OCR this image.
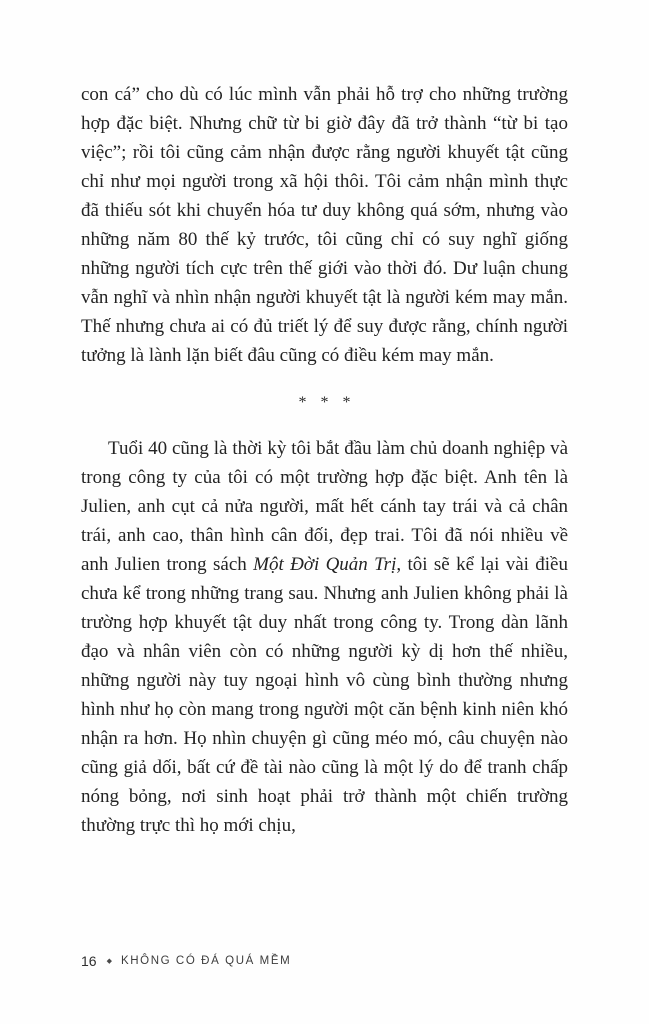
con cá” cho dù có lúc mình vẫn phải hỗ trợ cho những trường hợp đặc biệt. Nhưng chữ từ bi giờ đây đã trở thành “từ bi tạo việc”; rồi tôi cũng cảm nhận được rằng người khuyết tật cũng chỉ như mọi người trong xã hội thôi. Tôi cảm nhận mình thực đã thiếu sót khi chuyển hóa tư duy không quá sớm, nhưng vào những năm 80 thế kỷ trước, tôi cũng chỉ có suy nghĩ giống những người tích cực trên thế giới vào thời đó. Dư luận chung vẫn nghĩ và nhìn nhận người khuyết tật là người kém may mắn. Thế nhưng chưa ai có đủ triết lý để suy được rằng, chính người tưởng là lành lặn biết đâu cũng có điều kém may mắn.

* * *

Tuổi 40 cũng là thời kỳ tôi bắt đầu làm chủ doanh nghiệp và trong công ty của tôi có một trường hợp đặc biệt. Anh tên là Julien, anh cụt cả nửa người, mất hết cánh tay trái và cả chân trái, anh cao, thân hình cân đối, đẹp trai. Tôi đã nói nhiều về anh Julien trong sách Một Đời Quản Trị, tôi sẽ kể lại vài điều chưa kể trong những trang sau. Nhưng anh Julien không phải là trường hợp khuyết tật duy nhất trong công ty. Trong dàn lãnh đạo và nhân viên còn có những người kỳ dị hơn thế nhiều, những người này tuy ngoại hình vô cùng bình thường nhưng hình như họ còn mang trong người một căn bệnh kinh niên khó nhận ra hơn. Họ nhìn chuyện gì cũng méo mó, câu chuyện nào cũng giả dối, bất cứ đề tài nào cũng là một lý do để tranh chấp nóng bỏng, nơi sinh hoạt phải trở thành một chiến trường thường trực thì họ mới chịu,

16 ◆ KHÔNG CÓ ĐÁ QUÁ MỀM
